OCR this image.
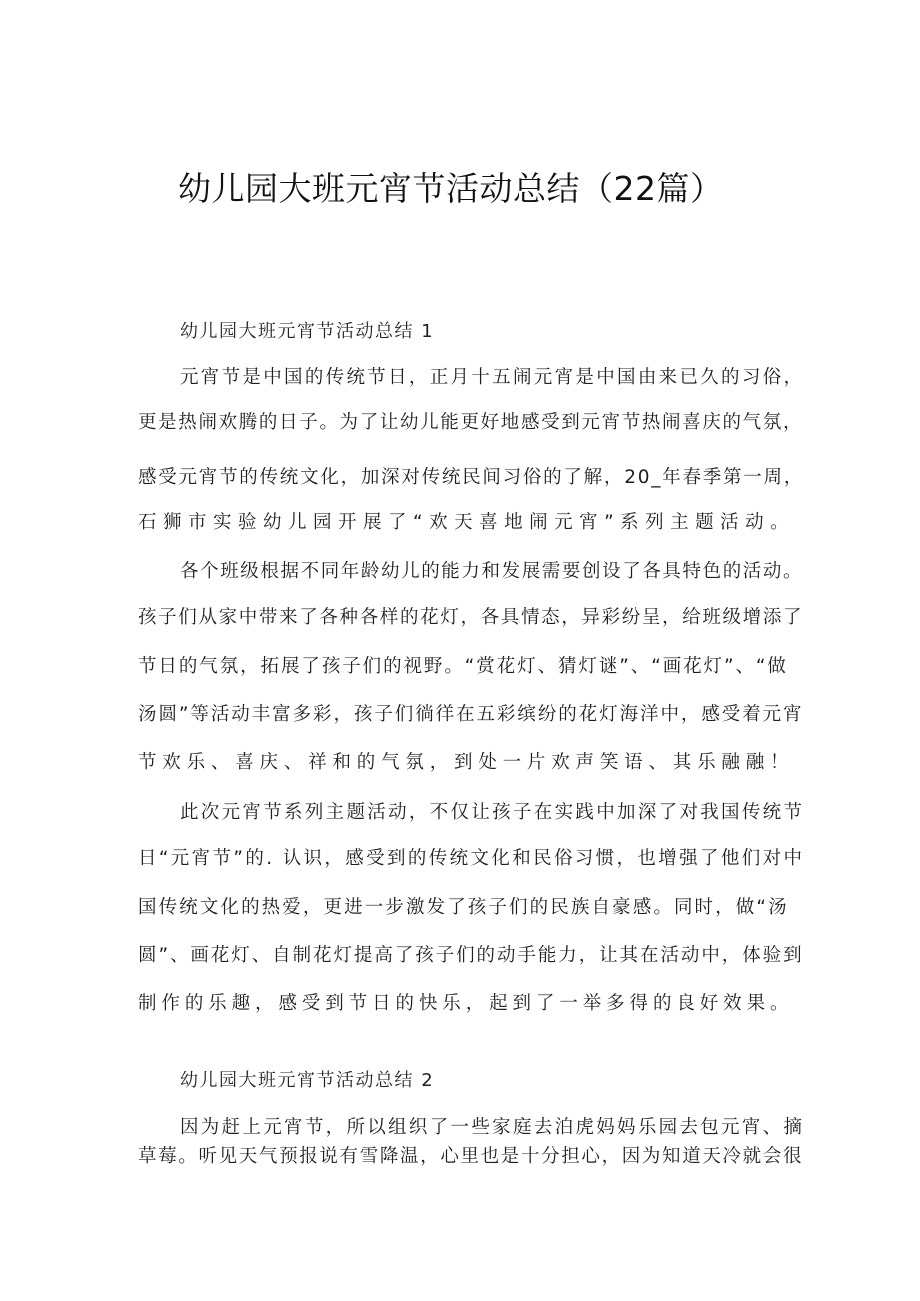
幼儿园大班元宵节活动总结（22篇）
幼儿园大班元宵节活动总结 1
元宵节是中国的传统节日，正月十五闹元宵是中国由来已久的习俗，
更是热闹欢腾的日子。为了让幼儿能更好地感受到元宵节热闹喜庆的气氛，
感受元宵节的传统文化，加深对传统民间习俗的了解，20_年春季第一周，
石狮市实验幼儿园开展了“欢天喜地闹元宵”系列主题活动。
各个班级根据不同年龄幼儿的能力和发展需要创设了各具特色的活动。
孩子们从家中带来了各种各样的花灯，各具情态，异彩纷呈，给班级增添了
节日的气氛，拓展了孩子们的视野。“赏花灯、猜灯谜”、“画花灯”、“做
汤圆”等活动丰富多彩，孩子们徜徉在五彩缤纷的花灯海洋中，感受着元宵
节欢乐、喜庆、祥和的气氛，到处一片欢声笑语、其乐融融！
此次元宵节系列主题活动，不仅让孩子在实践中加深了对我国传统节
日“元宵节”的. 认识，感受到的传统文化和民俗习惯，也增强了他们对中
国传统文化的热爱，更进一步激发了孩子们的民族自豪感。同时，做“汤
圆”、画花灯、自制花灯提高了孩子们的动手能力，让其在活动中，体验到
制作的乐趣，感受到节日的快乐，起到了一举多得的良好效果。
幼儿园大班元宵节活动总结 2
因为赶上元宵节，所以组织了一些家庭去泊虎妈妈乐园去包元宵、摘
草莓。听见天气预报说有雪降温，心里也是十分担心，因为知道天冷就会很
